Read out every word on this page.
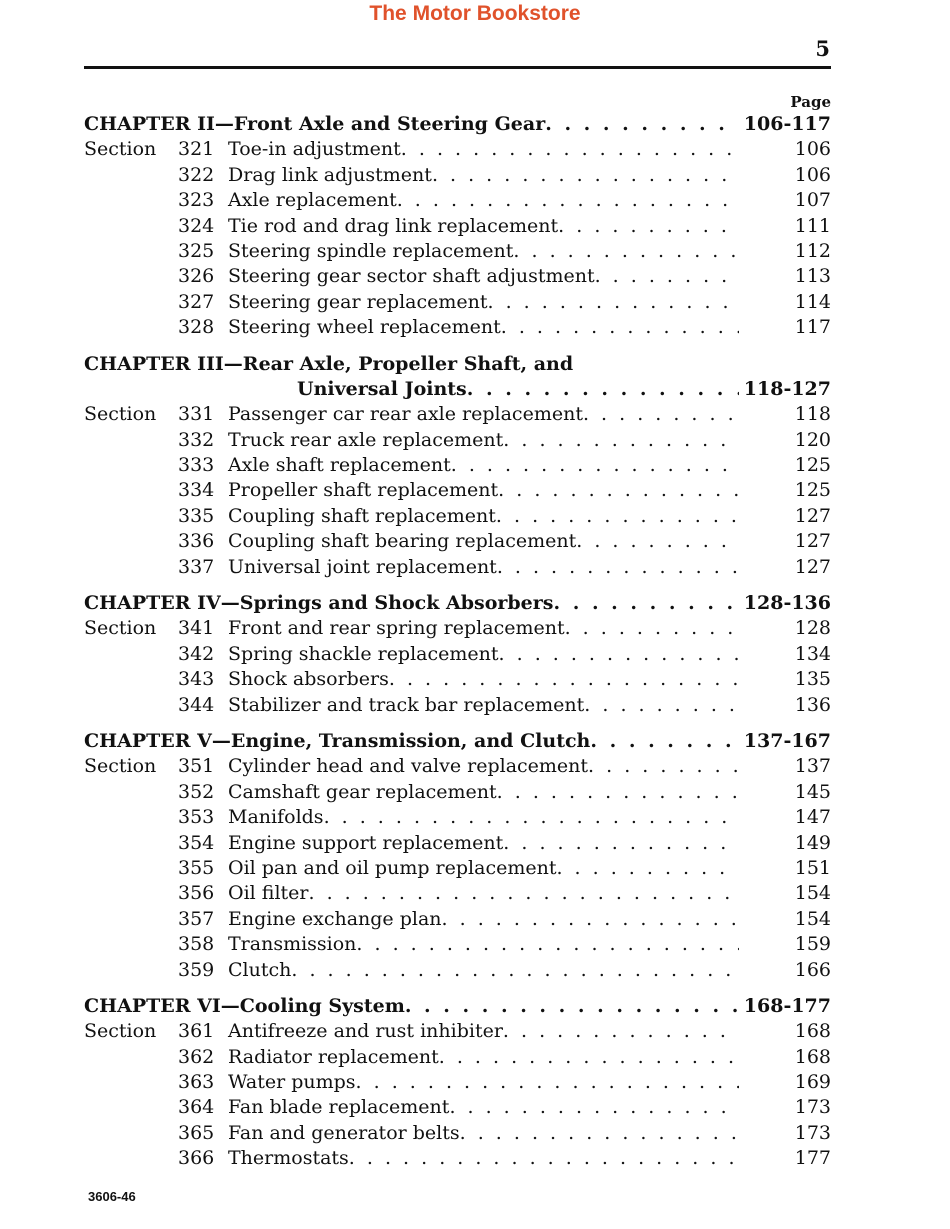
The Motor Bookstore
5
Page
CHAPTER II—Front Axle and Steering Gear . . .	106-117
Section	321 Toe-in adjustment . . .	106
322 Drag link adjustment . . .	106
323 Axle replacement . . .	107
324 Tie rod and drag link replacement . . .	111
325 Steering spindle replacement . . .	112
326 Steering gear sector shaft adjustment . . .	113
327 Steering gear replacement . . .	114
328 Steering wheel replacement . . .	117
CHAPTER III—Rear Axle, Propeller Shaft, and
Universal Joints . . .	118-127
Section	331 Passenger car rear axle replacement . . .	118
332 Truck rear axle replacement . . .	120
333 Axle shaft replacement . . .	125
334 Propeller shaft replacement . . .	125
335 Coupling shaft replacement . . .	127
336 Coupling shaft bearing replacement . . .	127
337 Universal joint replacement . . .	127
CHAPTER IV—Springs and Shock Absorbers . . .	128-136
Section	341 Front and rear spring replacement . . .	128
342 Spring shackle replacement . . .	134
343 Shock absorbers . . .	135
344 Stabilizer and track bar replacement . . .	136
CHAPTER V—Engine, Transmission, and Clutch . . .	137-167
Section	351 Cylinder head and valve replacement . . .	137
352 Camshaft gear replacement . . .	145
353 Manifolds . . .	147
354 Engine support replacement . . .	149
355 Oil pan and oil pump replacement . . .	151
356 Oil filter . . .	154
357 Engine exchange plan . . .	154
358 Transmission . . .	159
359 Clutch . . .	166
CHAPTER VI—Cooling System . . .	168-177
Section	361 Antifreeze and rust inhibiter . . .	168
362 Radiator replacement . . .	168
363 Water pumps . . .	169
364 Fan blade replacement . . .	173
365 Fan and generator belts . . .	173
366 Thermostats . . .	177
3606-46
